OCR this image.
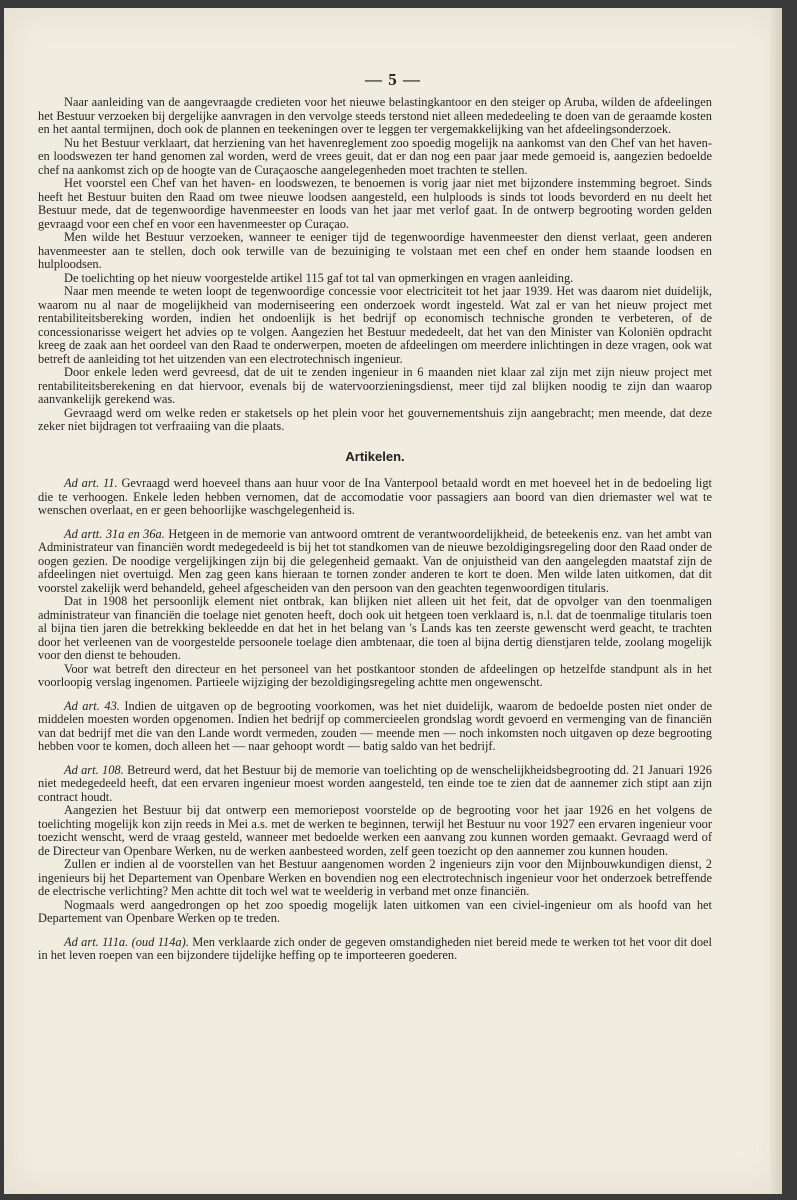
— 5 —

Naar aanleiding van de aangevraagde credieten voor het nieuwe belastingkantoor en den steiger op Aruba, wilden de afdeelingen het Bestuur verzoeken bij dergelijke aanvragen in den vervolge steeds terstond niet alleen mededeeling te doen van de geraamde kosten en het aantal termijnen, doch ook de plannen en teekeningen over te leggen ter vergemakkelijking van het afdeelingsonderzoek.

Nu het Bestuur verklaart, dat herziening van het havenreglement zoo spoedig mogelijk na aankomst van den Chef van het haven- en loodswezen ter hand genomen zal worden, werd de vrees geuit, dat er dan nog een paar jaar mede gemoeid is, aangezien bedoelde chef na aankomst zich op de hoogte van de Curaçaosche aangelegenheden moet trachten te stellen.

Het voorstel een Chef van het haven- en loodswezen, te benoemen is vorig jaar niet met bijzondere instemming begroet. Sinds heeft het Bestuur buiten den Raad om twee nieuwe loodsen aangesteld, een hulploods is sinds tot loods bevorderd en nu deelt het Bestuur mede, dat de tegenwoordige havenmeester en loods van het jaar met verlof gaat. In de ontwerp begrooting worden gelden gevraagd voor een chef en voor een havenmeester op Curaçao.

Men wilde het Bestuur verzoeken, wanneer te eeniger tijd de tegenwoordige havenmeester den dienst verlaat, geen anderen havenmeester aan te stellen, doch ook terwille van de bezuiniging te volstaan met een chef en onder hem staande loodsen en hulploodsen.

De toelichting op het nieuw voorgestelde artikel 115 gaf tot tal van opmerkingen en vragen aanleiding.

Naar men meende te weten loopt de tegenwoordige concessie voor electriciteit tot het jaar 1939. Het was daarom niet duidelijk, waarom nu al naar de mogelijkheid van moderniseering een onderzoek wordt ingesteld. Wat zal er van het nieuw project met rentabiliteitsbereking worden, indien het ondoenlijk is het bedrijf op economisch technische gronden te verbeteren, of de concessionarisse weigert het advies op te volgen. Aangezien het Bestuur mededeelt, dat het van den Minister van Koloniën opdracht kreeg de zaak aan het oordeel van den Raad te onderwerpen, moeten de afdeelingen om meerdere inlichtingen in deze vragen, ook wat betreft de aanleiding tot het uitzenden van een electrotechnisch ingenieur.

Door enkele leden werd gevreesd, dat de uit te zenden ingenieur in 6 maanden niet klaar zal zijn met zijn nieuw project met rentabiliteitsberekening en dat hiervoor, evenals bij de watervoorzieningsdienst, meer tijd zal blijken noodig te zijn dan waarop aanvankelijk gerekend was.

Gevraagd werd om welke reden er staketsels op het plein voor het gouvernementshuis zijn aangebracht; men meende, dat deze zeker niet bijdragen tot verfraaiing van die plaats.

Artikelen.

Ad art. 11. Gevraagd werd hoeveel thans aan huur voor de Ina Vanterpool betaald wordt en met hoeveel het in de bedoeling ligt die te verhoogen. Enkele leden hebben vernomen, dat de accomodatie voor passagiers aan boord van dien driemaster wel wat te wenschen overlaat, en er geen behoorlijke waschgelegenheid is.

Ad artt. 31a en 36a. Hetgeen in de memorie van antwoord omtrent de verantwoordelijkheid, de beteekenis enz. van het ambt van Administrateur van financiën wordt medegedeeld is bij het tot standkomen van de nieuwe bezoldigingsregeling door den Raad onder de oogen gezien. De noodige vergelijkingen zijn bij die gelegenheid gemaakt. Van de onjuistheid van den aangelegden maatstaf zijn de afdeelingen niet overtuigd. Men zag geen kans hieraan te tornen zonder anderen te kort te doen. Men wilde laten uitkomen, dat dit voorstel zakelijk werd behandeld, geheel afgescheiden van den persoon van den geachten tegenwoordigen titularis.

Dat in 1908 het persoonlijk element niet ontbrak, kan blijken niet alleen uit het feit, dat de opvolger van den toenmaligen administrateur van financiën die toelage niet genoten heeft, doch ook uit hetgeen toen verklaard is, n.l. dat de toenmalige titularis toen al bijna tien jaren die betrekking bekleedde en dat het in het belang van 's Lands kas ten zeerste gewenscht werd geacht, te trachten door het verleenen van de voorgestelde persoonele toelage dien ambtenaar, die toen al bijna dertig dienstjaren telde, zoolang mogelijk voor den dienst te behouden.

Voor wat betreft den directeur en het personeel van het postkantoor stonden de afdeelingen op hetzelfde standpunt als in het voorloopig verslag ingenomen. Partieele wijziging der bezoldigingsregeling achtte men ongewenscht.

Ad art. 43. Indien de uitgaven op de begrooting voorkomen, was het niet duidelijk, waarom de bedoelde posten niet onder de middelen moesten worden opgenomen. Indien het bedrijf op commercieelen grondslag wordt gevoerd en vermenging van de financiën van dat bedrijf met die van den Lande wordt vermeden, zouden — meende men — noch inkomsten noch uitgaven op deze begrooting hebben voor te komen, doch alleen het — naar gehoopt wordt — batig saldo van het bedrijf.

Ad art. 108. Betreurd werd, dat het Bestuur bij de memorie van toelichting op de wenschelijkheidsbegrooting dd. 21 Januari 1926 niet medegedeeld heeft, dat een ervaren ingenieur moest worden aangesteld, ten einde toe te zien dat de aannemer zich stipt aan zijn contract houdt.

Aangezien het Bestuur bij dat ontwerp een memoriepost voorstelde op de begrooting voor het jaar 1926 en het volgens de toelichting mogelijk kon zijn reeds in Mei a.s. met de werken te beginnen, terwijl het Bestuur nu voor 1927 een ervaren ingenieur voor toezicht wenscht, werd de vraag gesteld, wanneer met bedoelde werken een aanvang zou kunnen worden gemaakt. Gevraagd werd of de Directeur van Openbare Werken, nu de werken aanbesteed worden, zelf geen toezicht op den aannemer zou kunnen houden.

Zullen er indien al de voorstellen van het Bestuur aangenomen worden 2 ingenieurs zijn voor den Mijnbouwkundigen dienst, 2 ingenieurs bij het Departement van Openbare Werken en bovendien nog een electrotechnisch ingenieur voor het onderzoek betreffende de electrische verlichting? Men achtte dit toch wel wat te weelderig in verband met onze financiën.

Nogmaals werd aangedrongen op het zoo spoedig mogelijk laten uitkomen van een civiel-ingenieur om als hoofd van het Departement van Openbare Werken op te treden.

Ad art. 111a. (oud 114a). Men verklaarde zich onder de gegeven omstandigheden niet bereid mede te werken tot het voor dit doel in het leven roepen van een bijzondere tijdelijke heffing op te importeeren goederen.
